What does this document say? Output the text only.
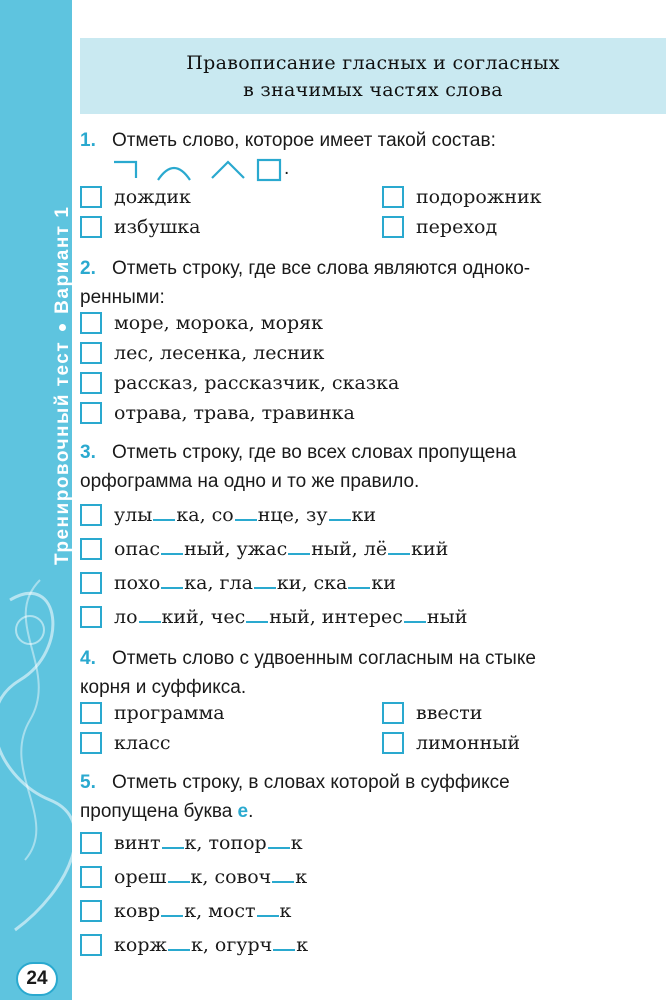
Тренировочный тестВариант 1
Правописание гласных и согласных
в значимых частях слова
1. Отметь слово, которое имеет такой состав:
.
дождик	подорожник
избушка	переход
2. Отметь строку, где все слова являются одноко-
ренными:
море, морока, моряк
лес, лесенка, лесник
рассказ, рассказчик, сказка
отрава, трава, травинка
3. Отметь строку, где во всех словах пропущена
орфограмма на одно и то же правило.
улы ка, со нце, зу ки
опас ный, ужас ный, лё кий
похо ка, гла ки, ска ки
ло кий, чес ный, интерес ный
4. Отметь слово с удвоенным согласным на стыке
корня и суффикса.
программа	ввести
класс	лимонный
5. Отметь строку, в словах которой в суффиксе
пропущена буква е.
винт к, топор к
ореш к, совоч к
ковр к, мост к
корж к, огурч к
24
